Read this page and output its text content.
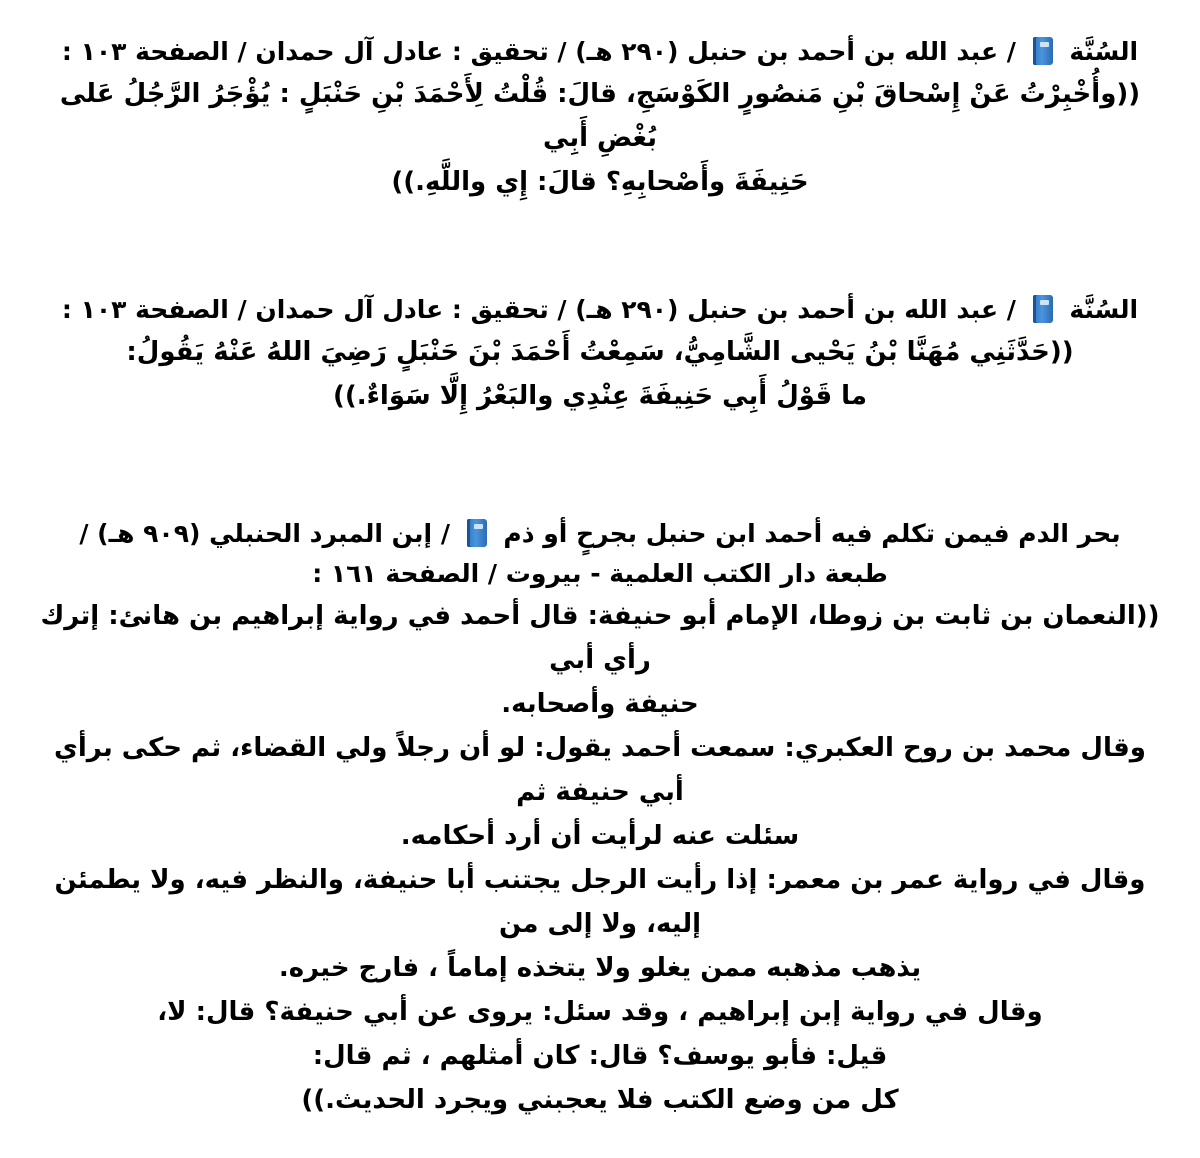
السُنَّة  / عبد الله بن أحمد بن حنبل (٢٩٠ هـ) / تحقيق : عادل آل حمدان / الصفحة ١٠٣ :
((وأُخْبِرْتُ عَنْ إِسْحاقَ بْنِ مَنصُورٍ الكَوْسَجِ، قالَ: قُلْتُ لِأَحْمَدَ بْنِ حَنْبَلٍ : يُؤْجَرُ الرَّجُلُ عَلى بُغْضِ أَبِي
حَنِيفَةَ وأَصْحابِهِ؟ قالَ: إِي واللَّهِ.))
السُنَّة  / عبد الله بن أحمد بن حنبل (٢٩٠ هـ) / تحقيق : عادل آل حمدان / الصفحة ١٠٣ :
((حَدَّثَنِي مُهَنَّا بْنُ يَحْيى الشَّامِيُّ، سَمِعْتُ أَحْمَدَ بْنَ حَنْبَلٍ رَضِيَ اللهُ عَنْهُ يَقُولُ:
ما قَوْلُ أَبِي حَنِيفَةَ عِنْدِي والبَعْرُ إِلَّا سَوَاءٌ.))
بحر الدم فيمن تكلم فيه أحمد ابن حنبل بجرحٍ أو ذم  / إبن المبرد الحنبلي (٩٠٩ هـ) /
طبعة دار الكتب العلمية - بيروت / الصفحة ١٦١ :
((النعمان بن ثابت بن زوطا، الإمام أبو حنيفة: قال أحمد في رواية إبراهيم بن هانئ: إترك رأي أبي
حنيفة وأصحابه.
وقال محمد بن روح العكبري: سمعت أحمد يقول: لو أن رجلاً ولي القضاء، ثم حكى برأي أبي حنيفة ثم
سئلت عنه لرأيت أن أرد أحكامه.
وقال في رواية عمر بن معمر: إذا رأيت الرجل يجتنب أبا حنيفة، والنظر فيه، ولا يطمئن إليه، ولا إلى من
يذهب مذهبه ممن يغلو ولا يتخذه إماماً ، فارج خيره.
وقال في رواية إبن إبراهيم ، وقد سئل: يروى عن أبي حنيفة؟ قال: لا،
قيل: فأبو يوسف؟ قال: كان أمثلهم ، ثم قال:
كل من وضع الكتب فلا يعجبني ويجرد الحديث.))
